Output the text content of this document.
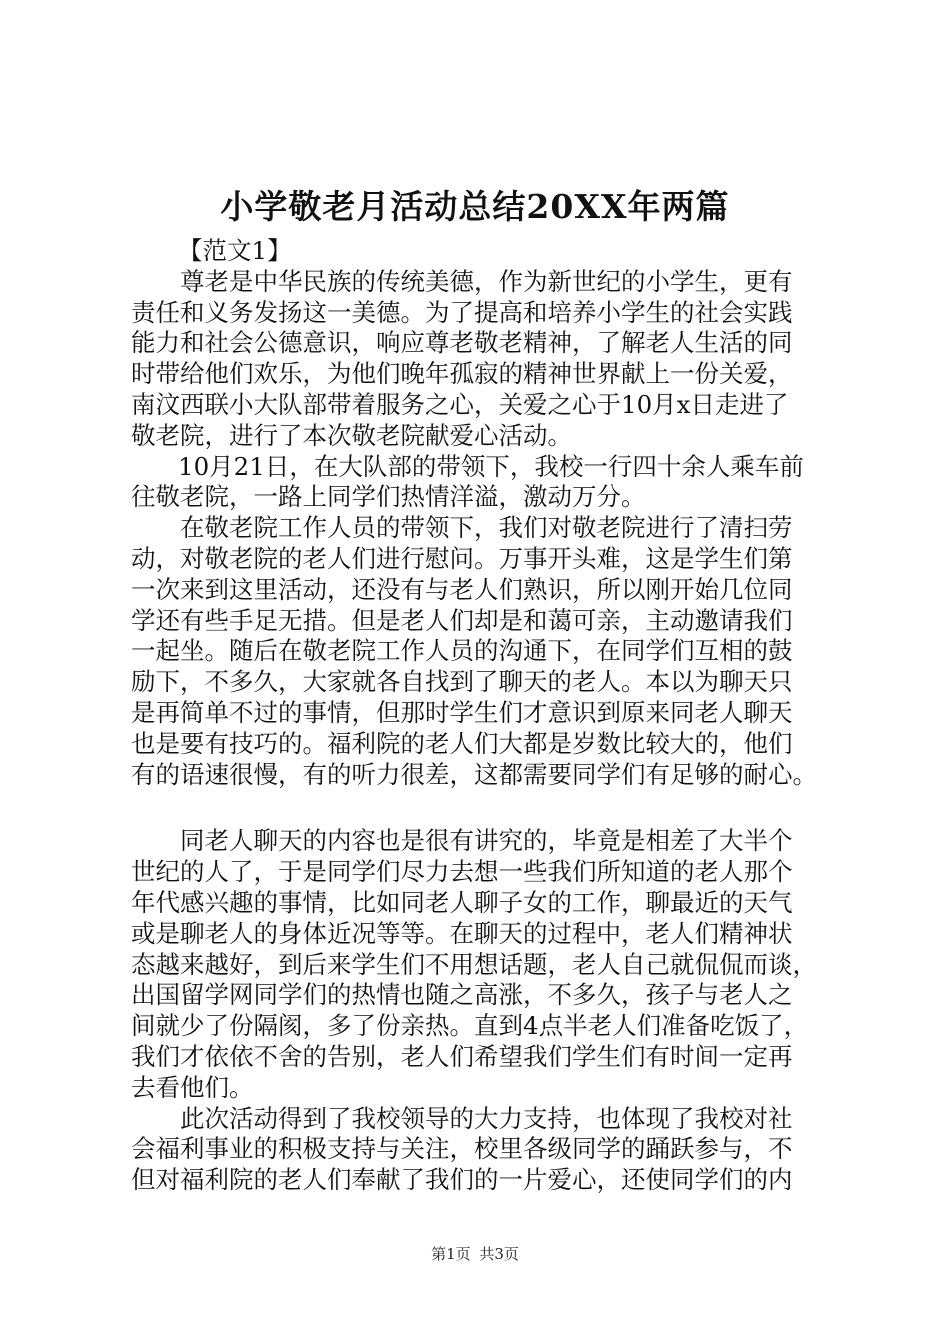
小学敬老月活动总结20XX年两篇
【范文1】
尊老是中华民族的传统美德，作为新世纪的小学生，更有
责任和义务发扬这一美德。为了提高和培养小学生的社会实践
能力和社会公德意识，响应尊老敬老精神，了解老人生活的同
时带给他们欢乐，为他们晚年孤寂的精神世界献上一份关爱，
南汶西联小大队部带着服务之心，关爱之心于10月x日走进了
敬老院，进行了本次敬老院献爱心活动。
10月21日，在大队部的带领下，我校一行四十余人乘车前
往敬老院，一路上同学们热情洋溢，激动万分。
在敬老院工作人员的带领下，我们对敬老院进行了清扫劳
动，对敬老院的老人们进行慰问。万事开头难，这是学生们第
一次来到这里活动，还没有与老人们熟识，所以刚开始几位同
学还有些手足无措。但是老人们却是和蔼可亲，主动邀请我们
一起坐。随后在敬老院工作人员的沟通下，在同学们互相的鼓
励下，不多久，大家就各自找到了聊天的老人。本以为聊天只
是再简单不过的事情，但那时学生们才意识到原来同老人聊天
也是要有技巧的。福利院的老人们大都是岁数比较大的，他们
有的语速很慢，有的听力很差，这都需要同学们有足够的耐心。
同老人聊天的内容也是很有讲究的，毕竟是相差了大半个
世纪的人了，于是同学们尽力去想一些我们所知道的老人那个
年代感兴趣的事情，比如同老人聊子女的工作，聊最近的天气
或是聊老人的身体近况等等。在聊天的过程中，老人们精神状
态越来越好，到后来学生们不用想话题，老人自己就侃侃而谈，
出国留学网同学们的热情也随之高涨，不多久，孩子与老人之
间就少了份隔阂，多了份亲热。直到4点半老人们准备吃饭了，
我们才依依不舍的告别，老人们希望我们学生们有时间一定再
去看他们。
此次活动得到了我校领导的大力支持，也体现了我校对社
会福利事业的积极支持与关注，校里各级同学的踊跃参与，不
但对福利院的老人们奉献了我们的一片爱心，还使同学们的内
第1页 共3页
